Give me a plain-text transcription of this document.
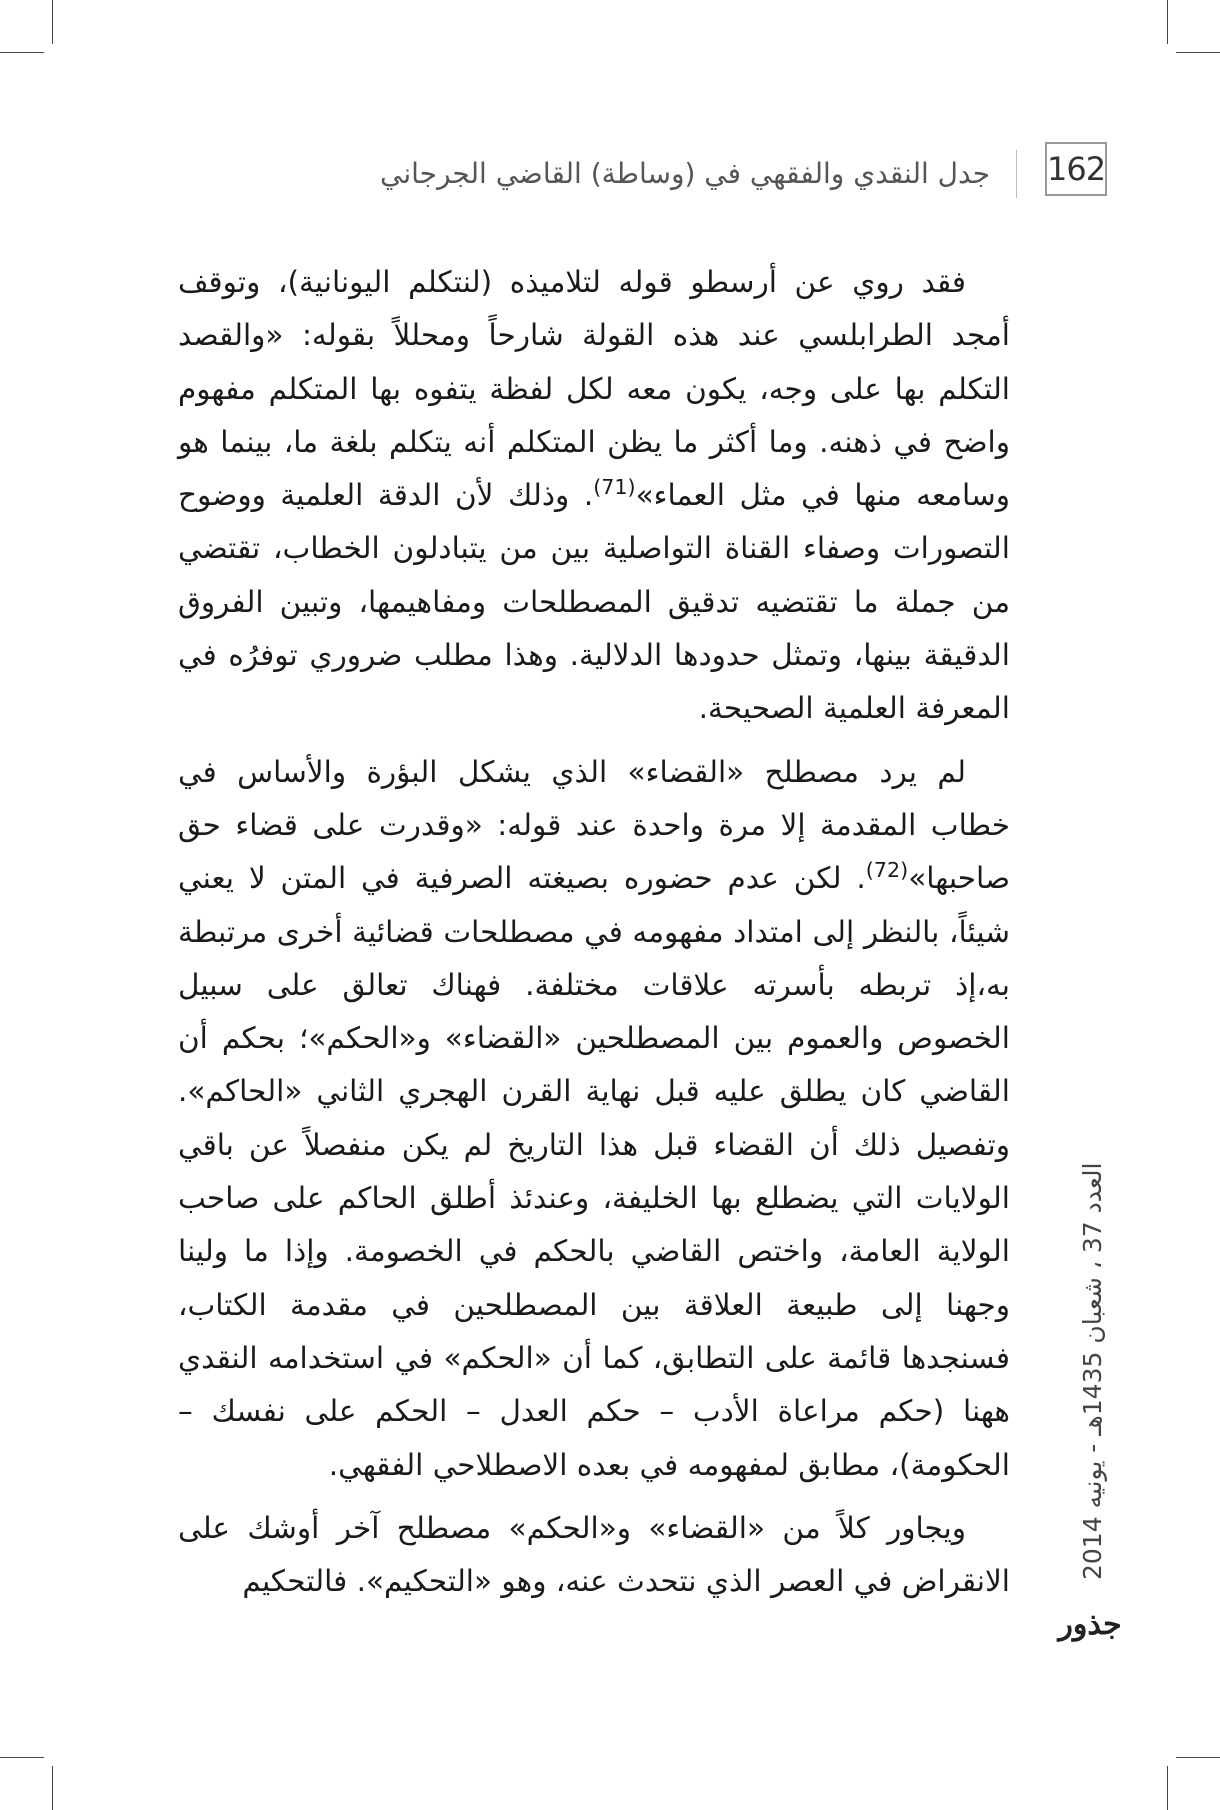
162
جدل النقدي والفقهي في (وساطة) القاضي الجرجاني

فقد روي عن أرسطو قوله لتلاميذه (لنتكلم اليونانية)، وتوقف أمجد الطرابلسي عند هذه القولة شارحاً ومحللاً بقوله: «والقصد التكلم بها على وجه، يكون معه لكل لفظة يتفوه بها المتكلم مفهوم واضح في ذهنه. وما أكثر ما يظن المتكلم أنه يتكلم بلغة ما، بينما هو وسامعه منها في مثل العماء»$^{(71)}$. وذلك لأن الدقة العلمية ووضوح التصورات وصفاء القناة التواصلية بين من يتبادلون الخطاب، تقتضي من جملة ما تقتضيه تدقيق المصطلحات ومفاهيمها، وتبين الفروق الدقيقة بينها، وتمثل حدودها الدلالية. وهذا مطلب ضروري توفرُه في المعرفة العلمية الصحيحة.

لم يرد مصطلح «القضاء» الذي يشكل البؤرة والأساس في خطاب المقدمة إلا مرة واحدة عند قوله: «وقدرت على قضاء حق صاحبها»$^{(72)}$. لكن عدم حضوره بصيغته الصرفية في المتن لا يعني شيئاً، بالنظر إلى امتداد مفهومه في مصطلحات قضائية أخرى مرتبطة به،إذ تربطه بأسرته علاقات مختلفة. فهناك تعالق على سبيل الخصوص والعموم بين المصطلحين «القضاء» و«الحكم»؛ بحكم أن القاضي كان يطلق عليه قبل نهاية القرن الهجري الثاني «الحاكم». وتفصيل ذلك أن القضاء قبل هذا التاريخ لم يكن منفصلاً عن باقي الولايات التي يضطلع بها الخليفة، وعندئذ أطلق الحاكم على صاحب الولاية العامة، واختص القاضي بالحكم في الخصومة. وإذا ما ولينا وجهنا إلى طبيعة العلاقة بين المصطلحين في مقدمة الكتاب، فسنجدها قائمة على التطابق، كما أن «الحكم» في استخدامه النقدي ههنا (حكم مراعاة الأدب – حكم العدل – الحكم على نفسك – الحكومة)، مطابق لمفهومه في بعده الاصطلاحي الفقهي.

ويجاور كلاً من «القضاء» و«الحكم» مصطلح آخر أوشك على الانقراض في العصر الذي نتحدث عنه، وهو «التحكيم». فالتحكيم

العدد 37 ، شعبان 1435هـ - يونيه 2014
جذور
